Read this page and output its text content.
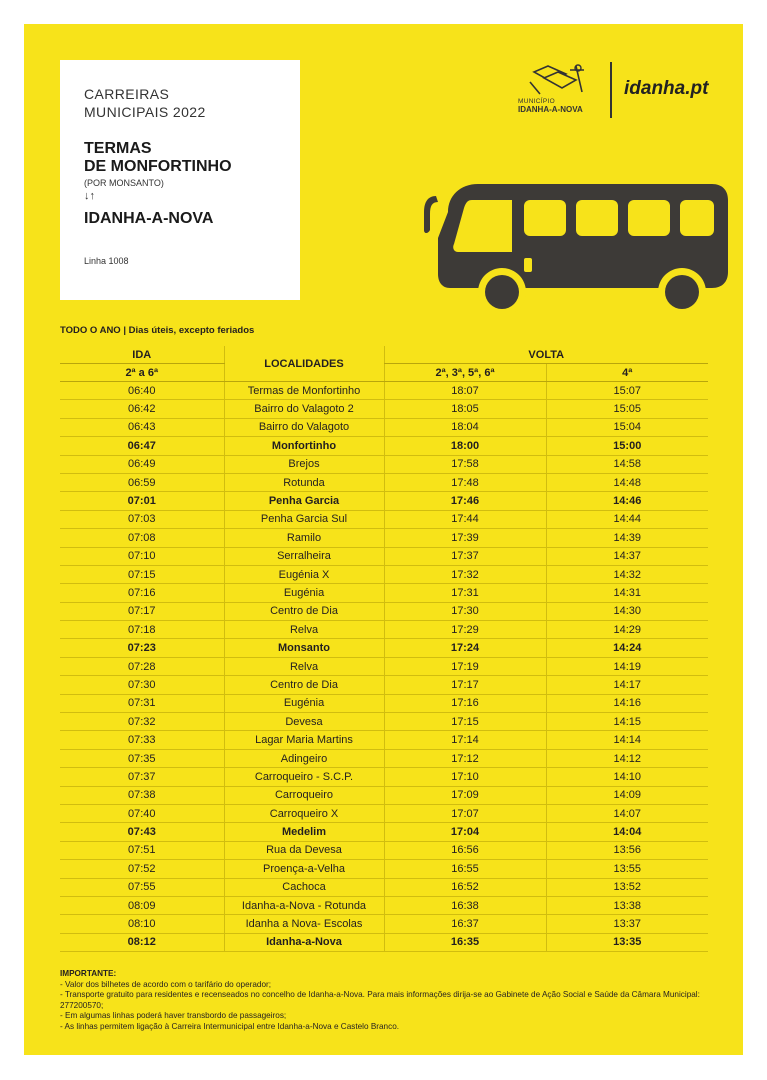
CARREIRAS
MUNICIPAIS 2022
TERMAS
DE MONFORTINHO
(POR MONSANTO)
↓↑
IDANHA-A-NOVA
Linha 1008
MUNICÍPIO
IDANHA-A-NOVA
idanha.pt
TODO O ANO | Dias úteis, excepto feriados
IDA	LOCALIDADES	VOLTA	
2ª a 6ª		2ª, 3ª, 5ª, 6ª	4ª
06:40	Termas de Monfortinho	18:07	15:07
06:42	Bairro do Valagoto 2	18:05	15:05
06:43	Bairro do Valagoto	18:04	15:04
06:47	Monfortinho	18:00	15:00
06:49	Brejos	17:58	14:58
06:59	Rotunda	17:48	14:48
07:01	Penha Garcia	17:46	14:46
07:03	Penha Garcia Sul	17:44	14:44
07:08	Ramilo	17:39	14:39
07:10	Serralheira	17:37	14:37
07:15	Eugénia X	17:32	14:32
07:16	Eugénia	17:31	14:31
07:17	Centro de Dia	17:30	14:30
07:18	Relva	17:29	14:29
07:23	Monsanto	17:24	14:24
07:28	Relva	17:19	14:19
07:30	Centro de Dia	17:17	14:17
07:31	Eugénia	17:16	14:16
07:32	Devesa	17:15	14:15
07:33	Lagar Maria Martins	17:14	14:14
07:35	Adingeiro	17:12	14:12
07:37	Carroqueiro - S.C.P.	17:10	14:10
07:38	Carroqueiro	17:09	14:09
07:40	Carroqueiro X	17:07	14:07
07:43	Medelim	17:04	14:04
07:51	Rua da Devesa	16:56	13:56
07:52	Proença-a-Velha	16:55	13:55
07:55	Cachoca	16:52	13:52
08:09	Idanha-a-Nova - Rotunda	16:38	13:38
08:10	Idanha a Nova- Escolas	16:37	13:37
08:12	Idanha-a-Nova	16:35	13:35
IMPORTANTE:
- Valor dos bilhetes de acordo com o tarifário do operador;
- Transporte gratuito para residentes e recenseados no concelho de Idanha-a-Nova. Para mais informações dirija-se ao Gabinete de Ação Social e Saúde da Câmara Municipal: 277200570;
- Em algumas linhas poderá haver transbordo de passageiros;
- As linhas permitem ligação à Carreira Intermunicipal entre Idanha-a-Nova e Castelo Branco.
